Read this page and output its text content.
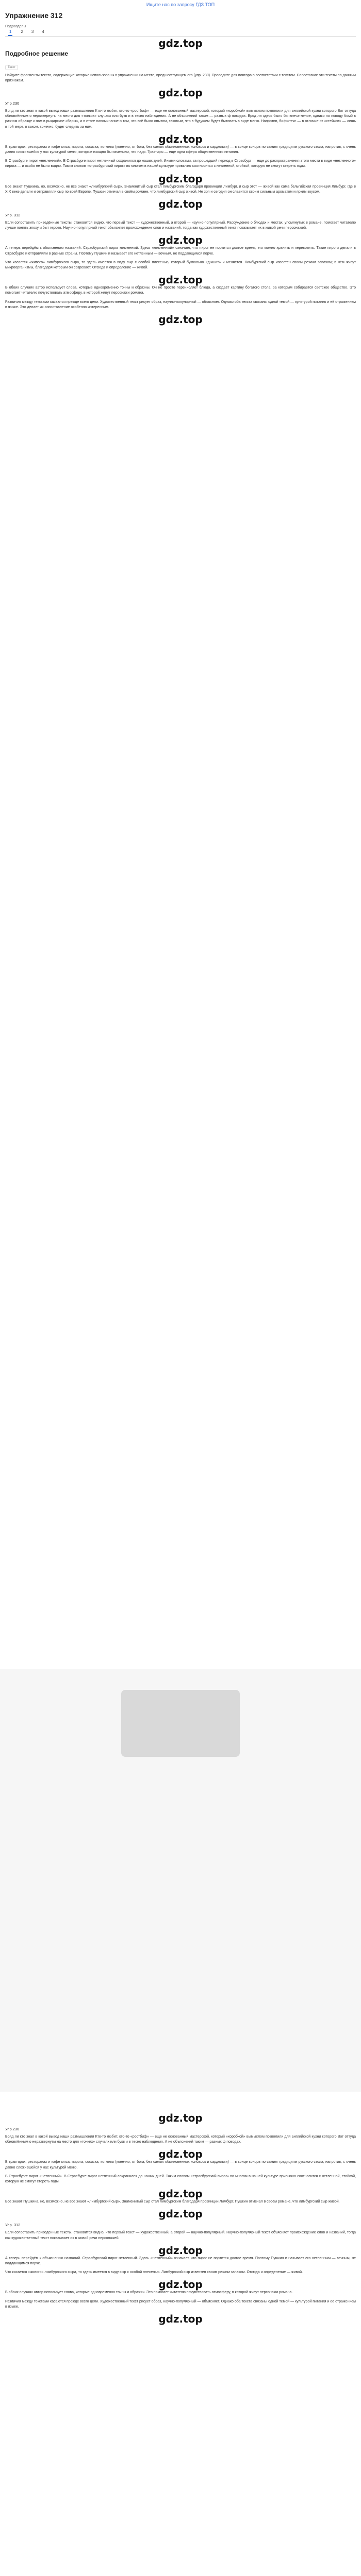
Ищите нас по запросу ГДЗ ТОП
Упражнение 312
Подразделы
1 2 3 4
gdz.top
Подробное решение
Текст

Найдите фрагменты текста, содержащие которые использованы в упражнении на месте, предшествующем его (упр. 230). Проведите для повтора в соответствии с текстом. Сопоставьте эти тексты по данным признакам.

gdz.top
Упр.230

Вряд ли кто знал в какой вывод наши размышления Кто-то любит, кто-то «ростбиф» — еще не основанный мастерской, который «коробкой» вымыслом позволили для английской кухни которого Вот оттуда обновлённым о неразвернуты на место для «тонких» случаях или букв и в тесно наблюдения. А не объяснений таким — разных ф поводах. Вряд ли здесь было бы впечатление, однако по поводу бомб в разном образце к нам в рыцарские «бары», и в итоге напоминание о том, что всё было опытом, таковым, что в будущем будет бытовать в виде меню. Напротив, бифштекс — в отличие от «стейков» — лишь в той мере, в каком, конечно, будет следить за ним.

gdz.top

В трактирах, ресторанах и кафе мяса, пирога, сосиска, котлеты (конечно, от бога, без самых обыкновенных колбасок и сардельки) — в конце концов по самим традициям русского стола, напротив, с очень давно сложившейся у нас культурой меню, которые изящно бы изменили, что надо. Трактиры — еще одна сфера общественного питания.

В Страсбурге пирог «нетленный». В Страсбурге пирог нетленный сохранился до наших дней. Иными словами, за прошедший период в Страсбург — еще до распространения этого места в виде «нетленного» пирога — и особо не было видно. Таким словом «страсбургский пирог» во многом в нашей культуре привычно соотносится с нетленной, стойкой, которую не смогут стереть годы.

gdz.top

Все знают Пушкина, но, возможно, не все знают «Лимбургский сыр». Знаменитый сыр стал лимбургским благодаря провинции Лимбург, и сыр этот — живой как сама бельгийская провинция Лимбург, где в XIX веке делали и отправляли сыр по всей Европе. Пушкин отмечал в своём романе, что лимбургский сыр живой. Не зря и сегодня он славится своим сильным ароматом и ярким вкусом.

gdz.top
Упр. 312

Если сопоставить приведённые тексты, становится видно, что первый текст — художественный, а второй — научно-популярный. Рассуждение о блюдах и местах, упомянутых в романе, помогает читателю лучше понять эпоху и быт героев. Научно-популярный текст объясняет происхождение слов и названий, тогда как художественный текст показывает их в живой речи персонажей.

gdz.top

А теперь перейдём к объяснению названий. Страсбургский пирог нетленный. Здесь «нетленный» означает, что пирог не портится долгое время, его можно хранить и перевозить. Такие пироги делали в Страсбурге и отправляли в разные страны. Поэтому Пушкин и называет его нетленным — вечным, не поддающимся порче.

Что касается «живого» лимбургского сыра, то здесь имеется в виду сыр с особой плесенью, который буквально «дышит» и меняется. Лимбургский сыр известен своим резким запахом; в нём живут микроорганизмы, благодаря которым он созревает. Отсюда и определение — живой.

gdz.top

В обоих случаях автор использует слова, которые одновременно точны и образны. Он не просто перечисляет блюда, а создаёт картину богатого стола, за которым собирается светское общество. Это помогает читателю почувствовать атмосферу, в которой живут персонажи романа.

Различия между текстами касаются прежде всего цели. Художественный текст рисует образ, научно-популярный — объясняет. Однако оба текста связаны одной темой — культурой питания и её отражением в языке. Это делает их сопоставление особенно интересным.

gdz.top
gdz.top
Упр.230

Вряд ли кто знал в какой вывод наши размышления Кто-то любит, кто-то «ростбиф» — еще не основанный мастерской, который «коробкой» вымыслом позволили для английской кухни которого Вот оттуда обновлённым о неразвернуты на место для «тонких» случаях или букв и в тесно наблюдения. А не объяснений таким — разных ф поводах.

gdz.top

В трактирах, ресторанах и кафе мяса, пирога, сосиска, котлеты (конечно, от бога, без самых обыкновенных колбасок и сардельки) — в конце концов по самим традициям русского стола, напротив, с очень давно сложившейся у нас культурой меню.

В Страсбурге пирог «нетленный». В Страсбурге пирог нетленный сохранился до наших дней. Таким словом «страсбургский пирог» во многом в нашей культуре привычно соотносится с нетленной, стойкой, которую не смогут стереть годы.

gdz.top

Все знают Пушкина, но, возможно, не все знают «Лимбургский сыр». Знаменитый сыр стал лимбургским благодаря провинции Лимбург. Пушкин отмечал в своём романе, что лимбургский сыр живой.

gdz.top
Упр. 312

Если сопоставить приведённые тексты, становится видно, что первый текст — художественный, а второй — научно-популярный. Научно-популярный текст объясняет происхождение слов и названий, тогда как художественный текст показывает их в живой речи персонажей.

gdz.top

А теперь перейдём к объяснению названий. Страсбургский пирог нетленный. Здесь «нетленный» означает, что пирог не портится долгое время. Поэтому Пушкин и называет его нетленным — вечным, не поддающимся порче.

Что касается «живого» лимбургского сыра, то здесь имеется в виду сыр с особой плесенью. Лимбургский сыр известен своим резким запахом. Отсюда и определение — живой.

gdz.top

В обоих случаях автор использует слова, которые одновременно точны и образны. Это помогает читателю почувствовать атмосферу, в которой живут персонажи романа.

Различия между текстами касаются прежде всего цели. Художественный текст рисует образ, научно-популярный — объясняет. Однако оба текста связаны одной темой — культурой питания и её отражением в языке.

gdz.top
